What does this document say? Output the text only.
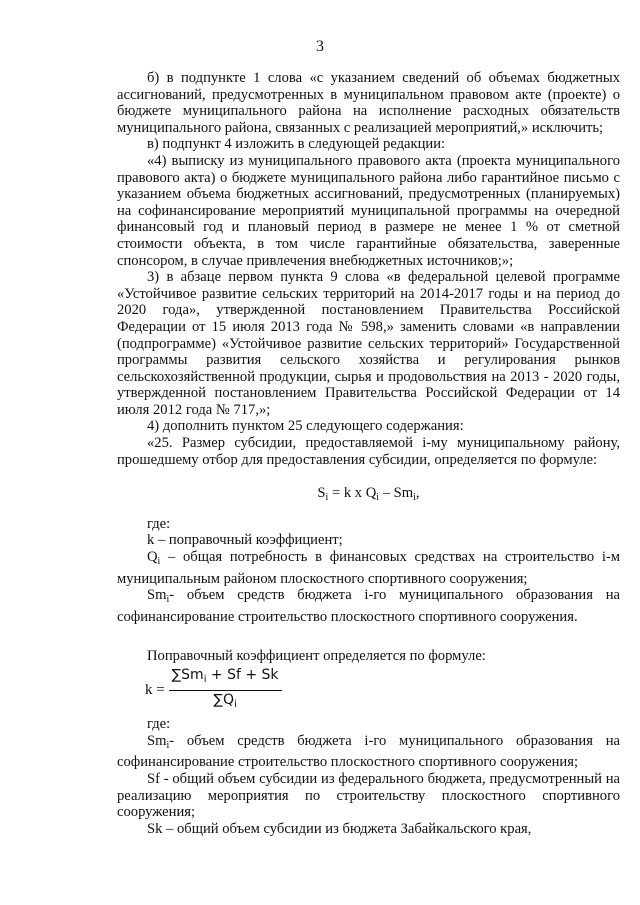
3

б) в подпункте 1 слова «с указанием сведений об объемах бюджетных ассигнований, предусмотренных в муниципальном правовом акте (проекте) о бюджете муниципального района на исполнение расходных обязательств муниципального района, связанных с реализацией мероприятий,» исключить;

в) подпункт 4 изложить в следующей редакции:

«4) выписку из муниципального правового акта (проекта муниципального правового акта) о бюджете муниципального района либо гарантийное письмо с указанием объема бюджетных ассигнований, предусмотренных (планируемых) на софинансирование мероприятий муниципальной программы на очередной финансовый год и плановый период в размере не менее 1 % от сметной стоимости объекта, в том числе гарантийные обязательства, заверенные спонсором, в случае привлечения внебюджетных источников;»;

3) в абзаце первом пункта 9 слова «в федеральной целевой программе «Устойчивое развитие сельских территорий на 2014-2017 годы и на период до 2020 года», утвержденной постановлением Правительства Российской Федерации от 15 июля 2013 года № 598,» заменить словами «в направлении (подпрограмме) «Устойчивое развитие сельских территорий» Государственной программы развития сельского хозяйства и регулирования рынков сельскохозяйственной продукции, сырья и продовольствия на 2013 - 2020 годы, утвержденной постановлением Правительства Российской Федерации от 14 июля 2012 года № 717,»;

4) дополнить пунктом 25 следующего содержания:

«25. Размер субсидии, предоставляемой i-му муниципальному району, прошедшему отбор для предоставления субсидии, определяется по формуле:

$S_i = k$ x $Q_i - Sm_i$,

где:

k – поправочный коэффициент;

$Q_i$ – общая потребность в финансовых средствах на строительство i-м муниципальным районом плоскостного спортивного сооружения;

$Sm_i-$ объем средств бюджета i-го муниципального образования на софинансирование строительство плоскостного спортивного сооружения.

Поправочный коэффициент определяется по формуле:

$k = \frac{\sum Sm_i + Sf + Sk}{\sum Q_i}$

где:

$Sm_i-$ объем средств бюджета i-го муниципального образования на софинансирование строительство плоскостного спортивного сооружения;

Sf - общий объем субсидии из федерального бюджета, предусмотренный на реализацию мероприятия по строительству плоскостного спортивного сооружения;

Sk – общий объем субсидии из бюджета Забайкальского края,
